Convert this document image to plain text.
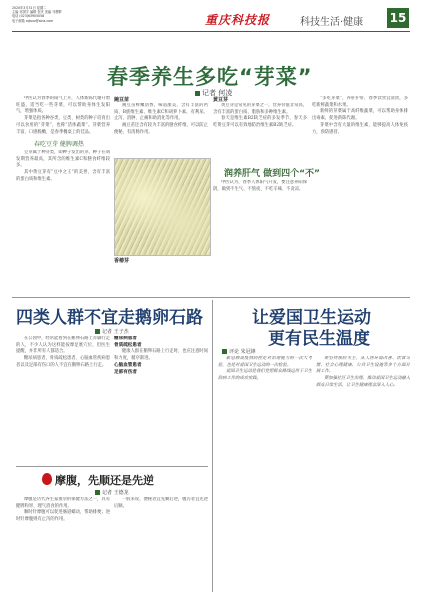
2020年3月31日 星期二
主编 邓国宇 编辑 贺庆 美编 马柳梦
电话 (023)63905058
电子邮箱 cqlsxz@sina.com	重庆科技报	科技生活·健康 15
春季养生多吃“芽菜”
记者 何凌

中医认为春季的阳气上升，人体新陈代谢开始旺盛，适当吃一些芽菜，可以帮助身体生发阳气，增强体质。

芽菜是指各种谷类、豆类、树类的种子培育出可以食用的“芽菜”，也称“活体蔬菜”。芽菜营养丰富，口感脆嫩，是春季餐桌上的佳品。

春吃豆芽 健脾调热

豆芽属于种芽类，即种子发出的芽。种子在萌发期营养最高，其所含的维生素C和膳食纤维较多。

其中黄豆芽有“豆中之王”的美誉，含有丰富的蛋白质和维生素。

豌豆苗

豌豆苗鲜嫩清香，味道甜美，含有丰富的钙质、B族维生素、维生素C和胡萝卜素，有利尿、止泻、消肿、止痛和助消化等作用。

豌豆苗还含有较为丰富的膳食纤维，可以防止便秘，有清肠作用。

香椿芽
黄豆芽

黄豆芽是常见的芽菜之一，营养价值非常高，含有丰富的蛋白质、脂肪和多种维生素。

春天是维生素B2缺乏症的多发季节，春天多吃黄豆芽可以有效地防治维生素B2缺乏症。

润养肝气 做到四个“不”

中医认为，春季人体阳气升发，要注意养阳保阴，做到不生气、不熬夜、不吃辛辣、不贪凉。

“多吃芽菜”，养肝护肝，春季饮食宜清淡，多吃新鲜蔬菜和水果。

新鲜的芽菜属于高纤维蔬菜，可以帮助身体排出毒素，促进新陈代谢。

芽菜中含有大量的维生素，能够提高人体免疫力，预防感冒。

四类人群不宜走鹅卵石路
记者 王子杰

在公园中，经常能看到在鹅卵石路上赤脚行走的人，不少人认为这样能按摩足底穴位，但医生提醒，并非所有人都适合。

糖尿病患者、骨质疏松患者、心脑血管疾病患者以及足部有伤口的人不宜在鹅卵石路上行走。

糖尿病患者
骨质疏松患者

健康人群在鹅卵石路上行走时，也应注意时间和力度，循序渐进。

心脑血管患者
足部有伤者
摩腹，先顺还是先逆
记者 王德龙

摩腹是历代养生家推崇的保健方法之一，具有健脾和胃、理气消食的作用。

顺时针摩腹可以促进肠道蠕动，帮助排便；逆时针摩腹则有止泻的作用。

一般来说，便秘者宜先顺后逆，腹泻者宜先逆后顺。

让爱国卫生运动
更有民生温度
评论 朱冠锋

新冠肺炎疫情防控是对治理能力的一次大考验，也是对爱国卫生运动的一次检验。

爱国卫生运动是我们党把群众路线运用于卫生防病工作的成功实践。

要坚持预防为主，从人居环境改善、饮食习惯、社会心理健康、公共卫生设施等多个方面开展工作。

要加强社区卫生治理，推动爱国卫生运动融入群众日常生活，让卫生健康理念深入人心。
